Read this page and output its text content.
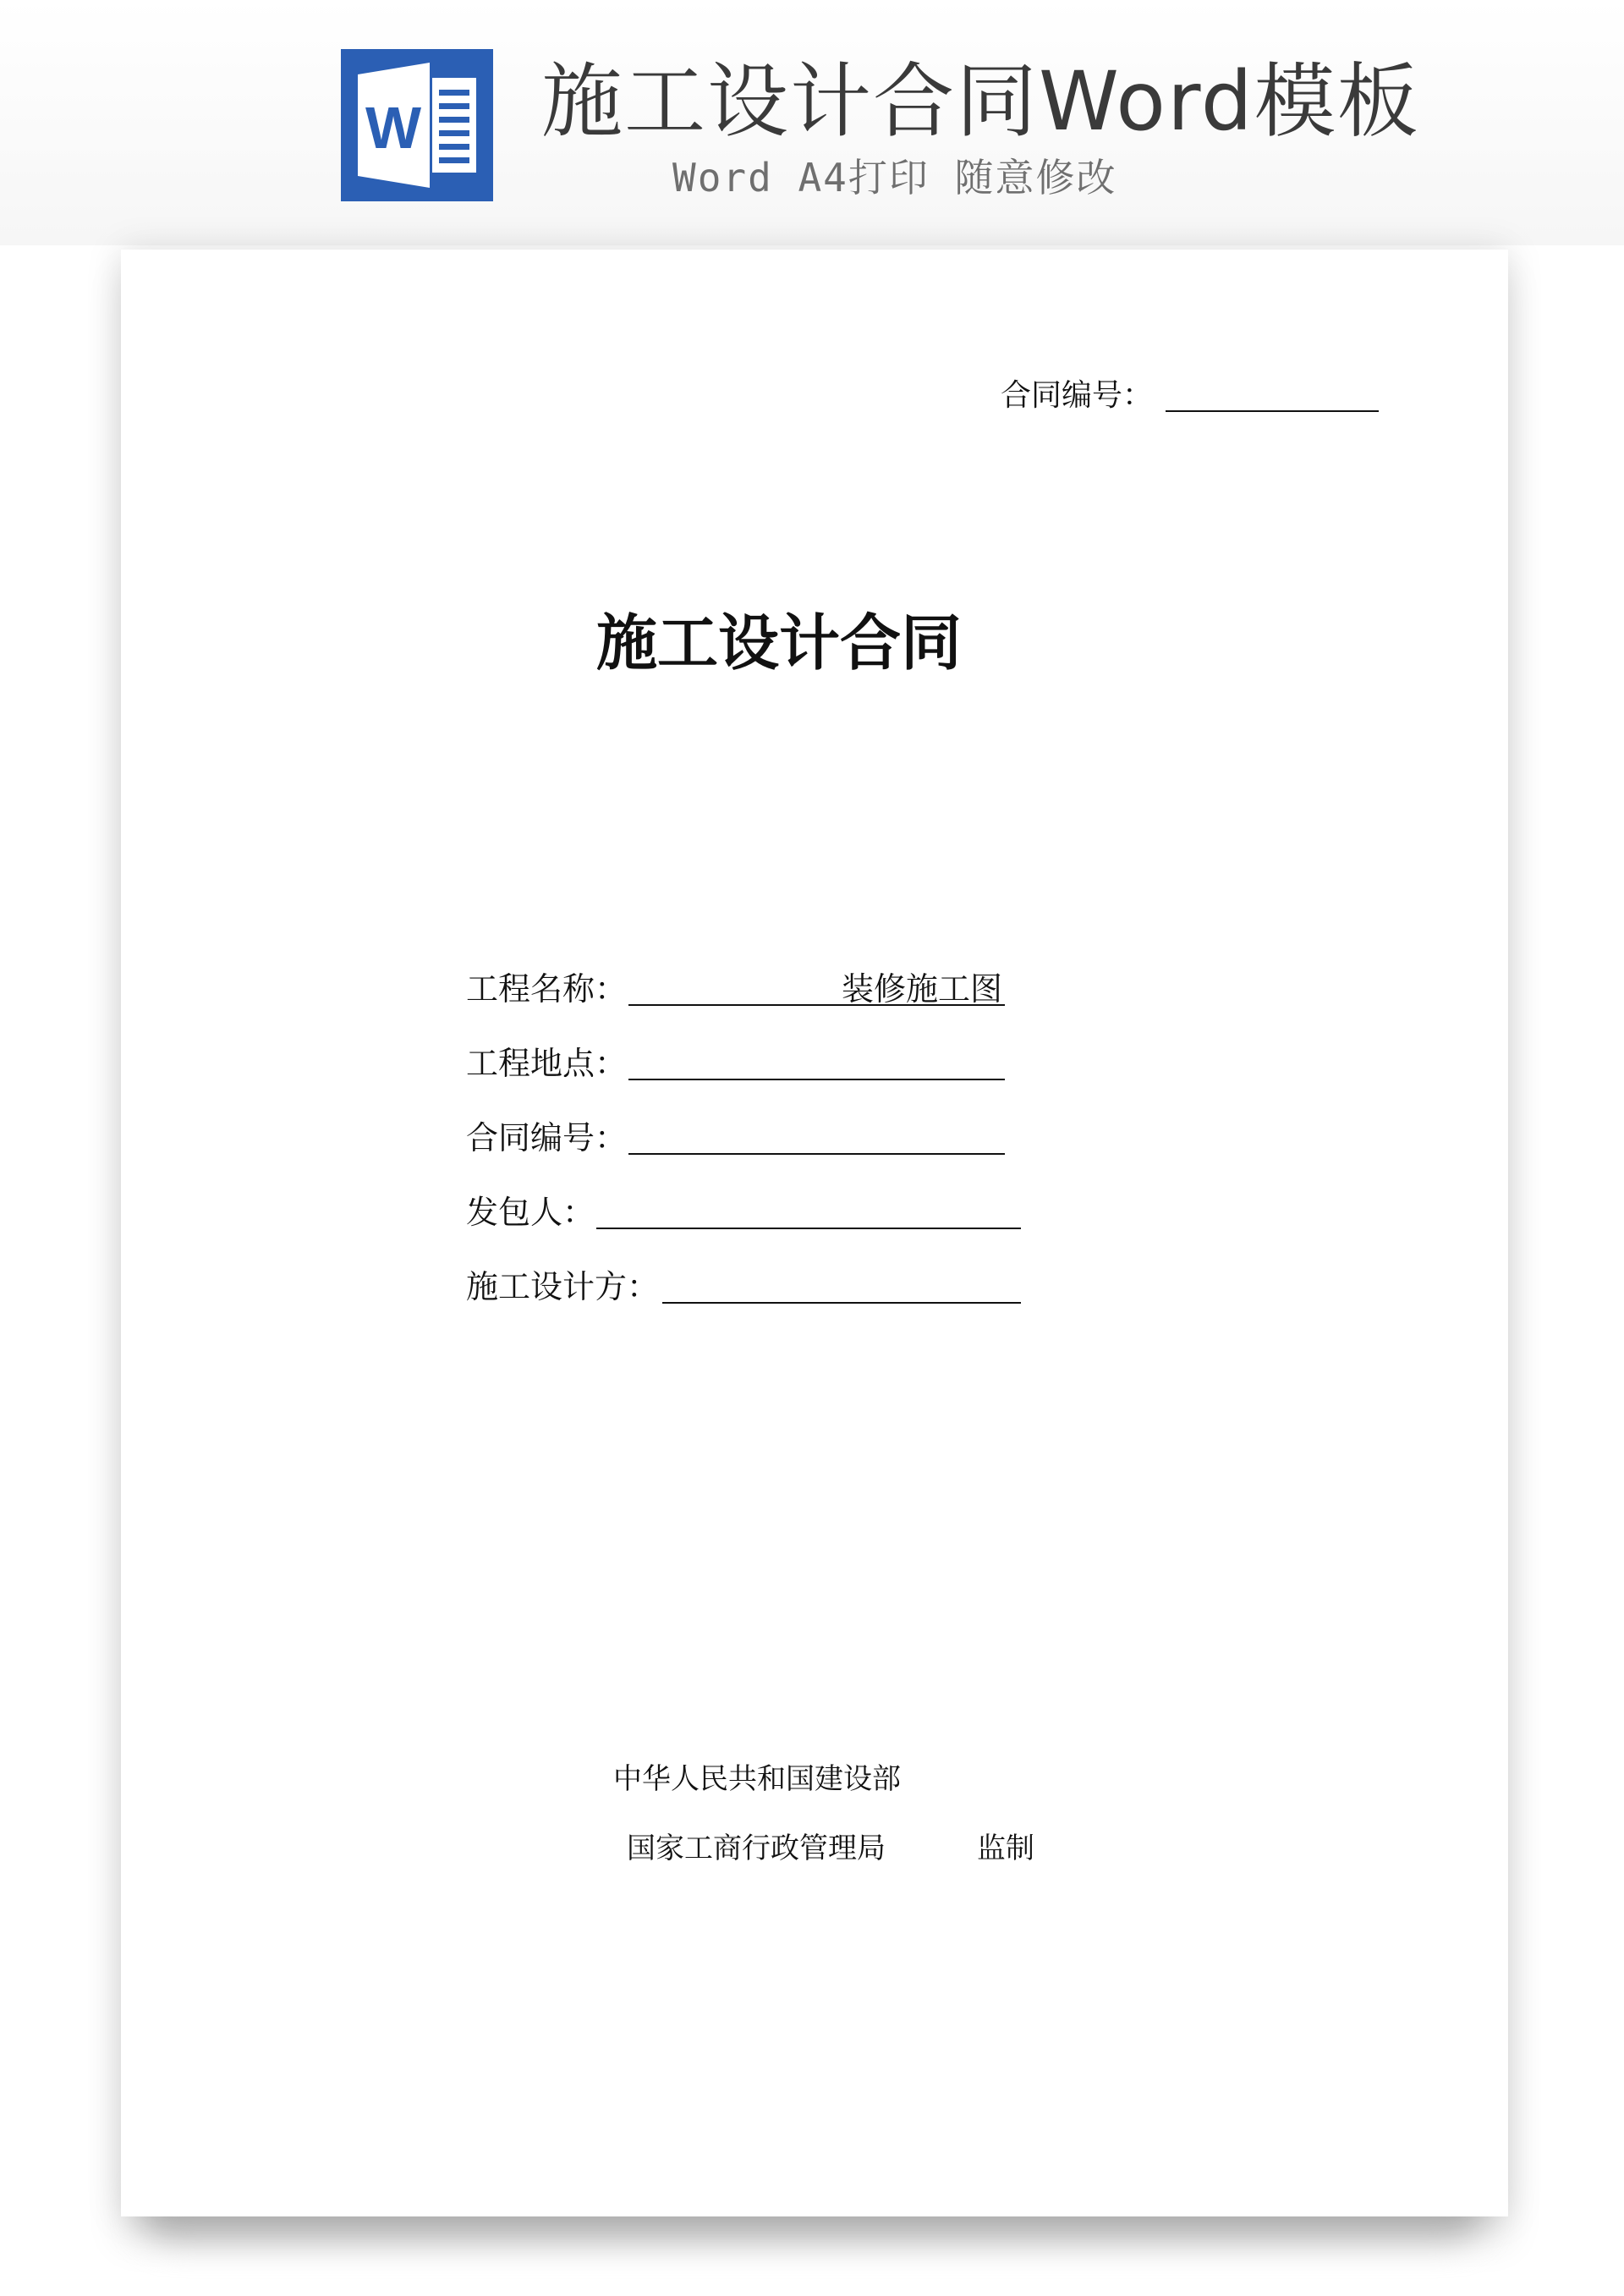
W 施工设计合同Word模板
Word A4打印 随意修改
合同编号：
施工设计合同
工程名称：	装修施工图
工程地点：
合同编号：
发包人：
施工设计方：
中华人民共和国建设部
国家工商行政管理局	监制
